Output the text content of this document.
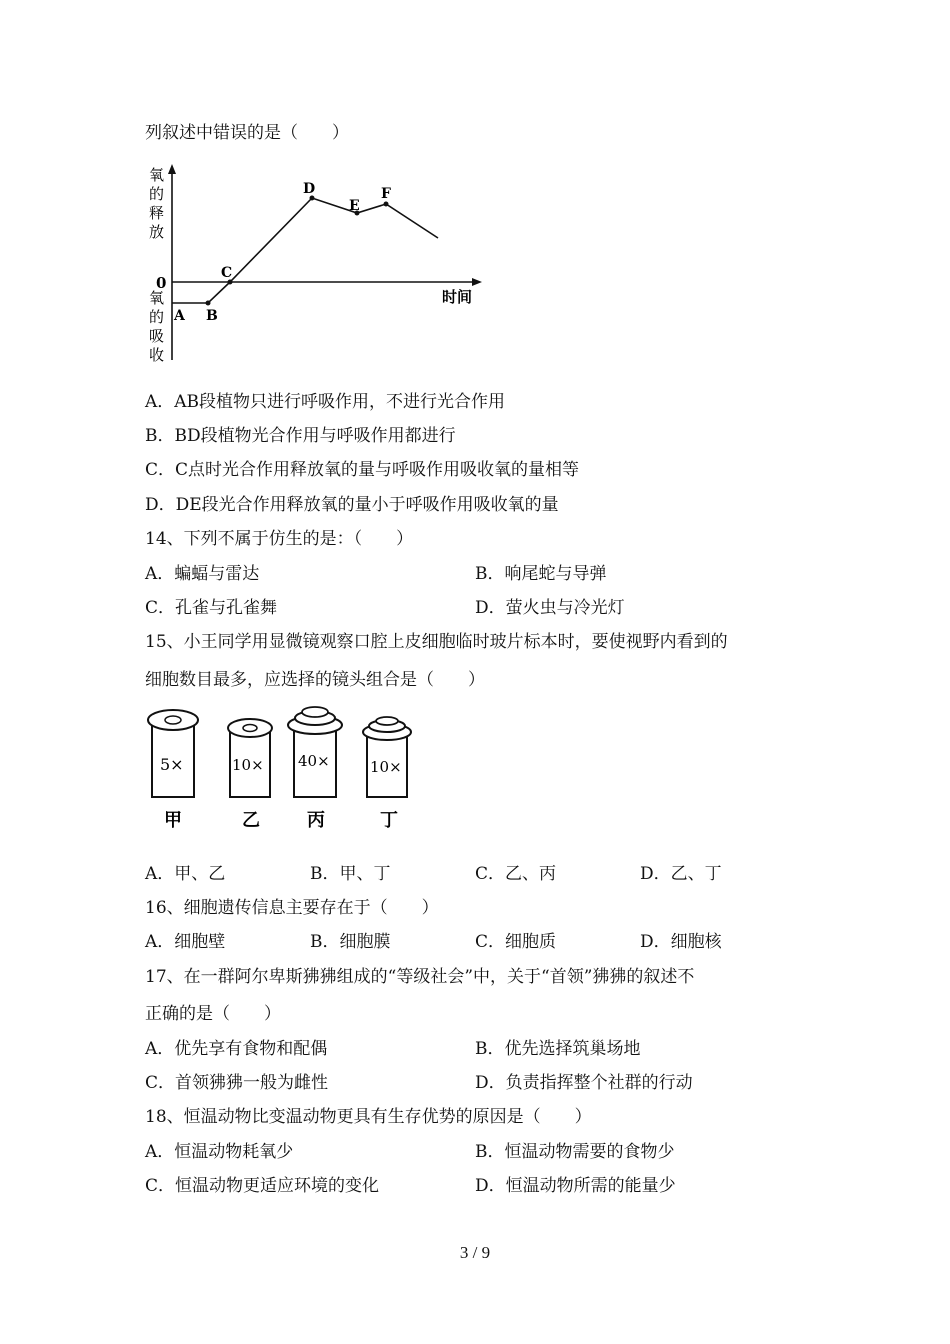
列叙述中错误的是（　　）
氧
的
释
放
0
氧
的
吸
收
时间
A B
C
D
E
F
A．AB段植物只进行呼吸作用，不进行光合作用
B．BD段植物光合作用与呼吸作用都进行
C．C点时光合作用释放氧的量与呼吸作用吸收氧的量相等
D．DE段光合作用释放氧的量小于呼吸作用吸收氧的量
14、下列不属于仿生的是：（　　）
A．蝙蝠与雷达	B．响尾蛇与导弹
C．孔雀与孔雀舞	D．萤火虫与冷光灯
15、小王同学用显微镜观察口腔上皮细胞临时玻片标本时，要使视野内看到的
细胞数目最多，应选择的镜头组合是（　　）
5×
甲
10×
乙
40×
丙
10×
丁
A．甲、乙	B．甲、丁	C．乙、丙	D．乙、丁
16、细胞遗传信息主要存在于（　　）
A．细胞壁	B．细胞膜	C．细胞质	D．细胞核
17、在一群阿尔卑斯狒狒组成的“等级社会”中，关于“首领”狒狒的叙述不
正确的是（　　）
A．优先享有食物和配偶	B．优先选择筑巢场地
C．首领狒狒一般为雌性	D．负责指挥整个社群的行动
18、恒温动物比变温动物更具有生存优势的原因是（　　）
A．恒温动物耗氧少	B．恒温动物需要的食物少
C．恒温动物更适应环境的变化	D．恒温动物所需的能量少
3 / 9
